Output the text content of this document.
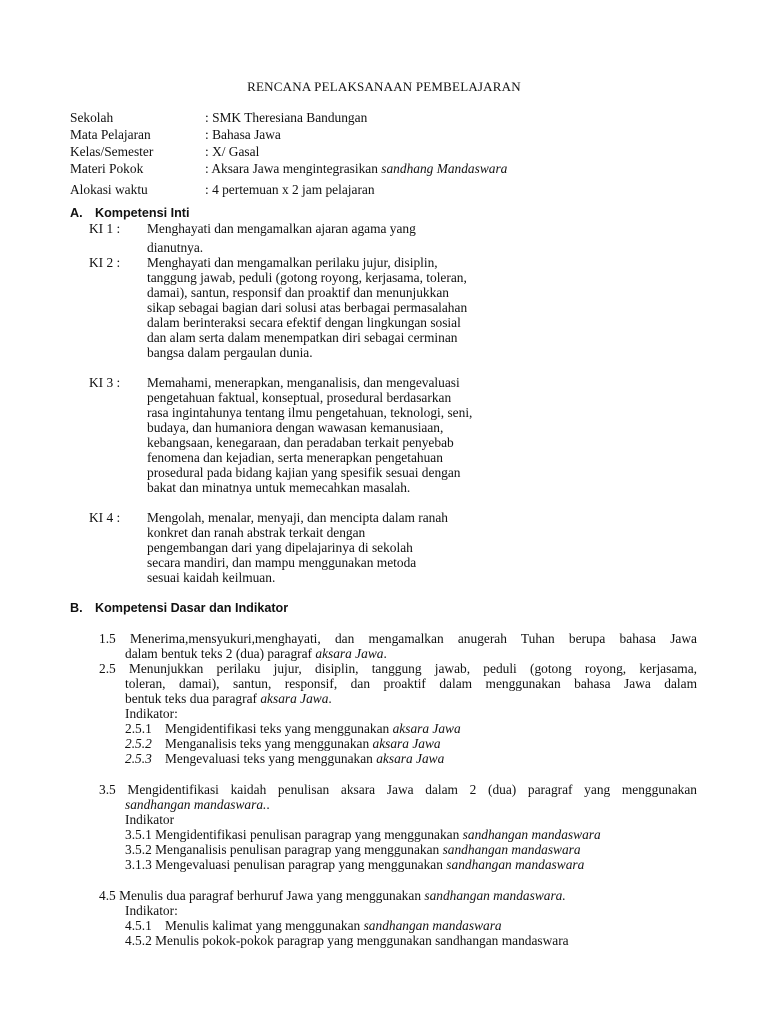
RENCANA PELAKSANAAN PEMBELAJARAN
Sekolah	: SMK Theresiana Bandungan
Mata Pelajaran	: Bahasa Jawa
Kelas/Semester	: X/ Gasal
Materi Pokok	: Aksara Jawa mengintegrasikan sandhang Mandaswara
Alokasi waktu	: 4 pertemuan x 2 jam pelajaran
A. Kompetensi Inti
KI 1 : Menghayati dan mengamalkan ajaran agama yang
dianutnya.
KI 2 : Menghayati dan mengamalkan perilaku jujur, disiplin,
tanggung jawab, peduli (gotong royong, kerjasama, toleran,
damai), santun, responsif dan proaktif dan menunjukkan
sikap sebagai bagian dari solusi atas berbagai permasalahan
dalam berinteraksi secara efektif dengan lingkungan sosial
dan alam serta dalam menempatkan diri sebagai cerminan
bangsa dalam pergaulan dunia.
KI 3 : Memahami, menerapkan, menganalisis, dan mengevaluasi
pengetahuan faktual, konseptual, prosedural berdasarkan
rasa ingintahunya tentang ilmu pengetahuan, teknologi, seni,
budaya, dan humaniora dengan wawasan kemanusiaan,
kebangsaan, kenegaraan, dan peradaban terkait penyebab
fenomena dan kejadian, serta menerapkan pengetahuan
prosedural pada bidang kajian yang spesifik sesuai dengan
bakat dan minatnya untuk memecahkan masalah.
KI 4 : Mengolah, menalar, menyaji, dan mencipta dalam ranah
konkret dan ranah abstrak terkait dengan
pengembangan dari yang dipelajarinya di sekolah
secara mandiri, dan mampu menggunakan metoda
sesuai kaidah keilmuan.
B. Kompetensi Dasar dan Indikator
1.5 Menerima,mensyukuri,menghayati, dan mengamalkan anugerah Tuhan berupa bahasa Jawa
dalam bentuk teks 2 (dua) paragraf aksara Jawa.
2.5 Menunjukkan perilaku jujur, disiplin, tanggung jawab, peduli (gotong royong, kerjasama,
toleran, damai), santun, responsif, dan proaktif dalam menggunakan bahasa Jawa dalam
bentuk teks dua paragraf aksara Jawa.
Indikator:
2.5.1 Mengidentifikasi teks yang menggunakan aksara Jawa
2.5.2 Menganalisis teks yang menggunakan aksara Jawa
2.5.3 Mengevaluasi teks yang menggunakan aksara Jawa
3.5 Mengidentifikasi kaidah penulisan aksara Jawa dalam 2 (dua) paragraf yang menggunakan
sandhangan mandaswara..
Indikator
3.5.1 Mengidentifikasi penulisan paragrap yang menggunakan sandhangan mandaswara
3.5.2 Menganalisis penulisan paragrap yang menggunakan sandhangan mandaswara
3.1.3 Mengevaluasi penulisan paragrap yang menggunakan sandhangan mandaswara
4.5 Menulis dua paragraf berhuruf Jawa yang menggunakan sandhangan mandaswara.
Indikator:
4.5.1 Menulis kalimat yang menggunakan sandhangan mandaswara
4.5.2 Menulis pokok-pokok paragrap yang menggunakan sandhangan mandaswara
